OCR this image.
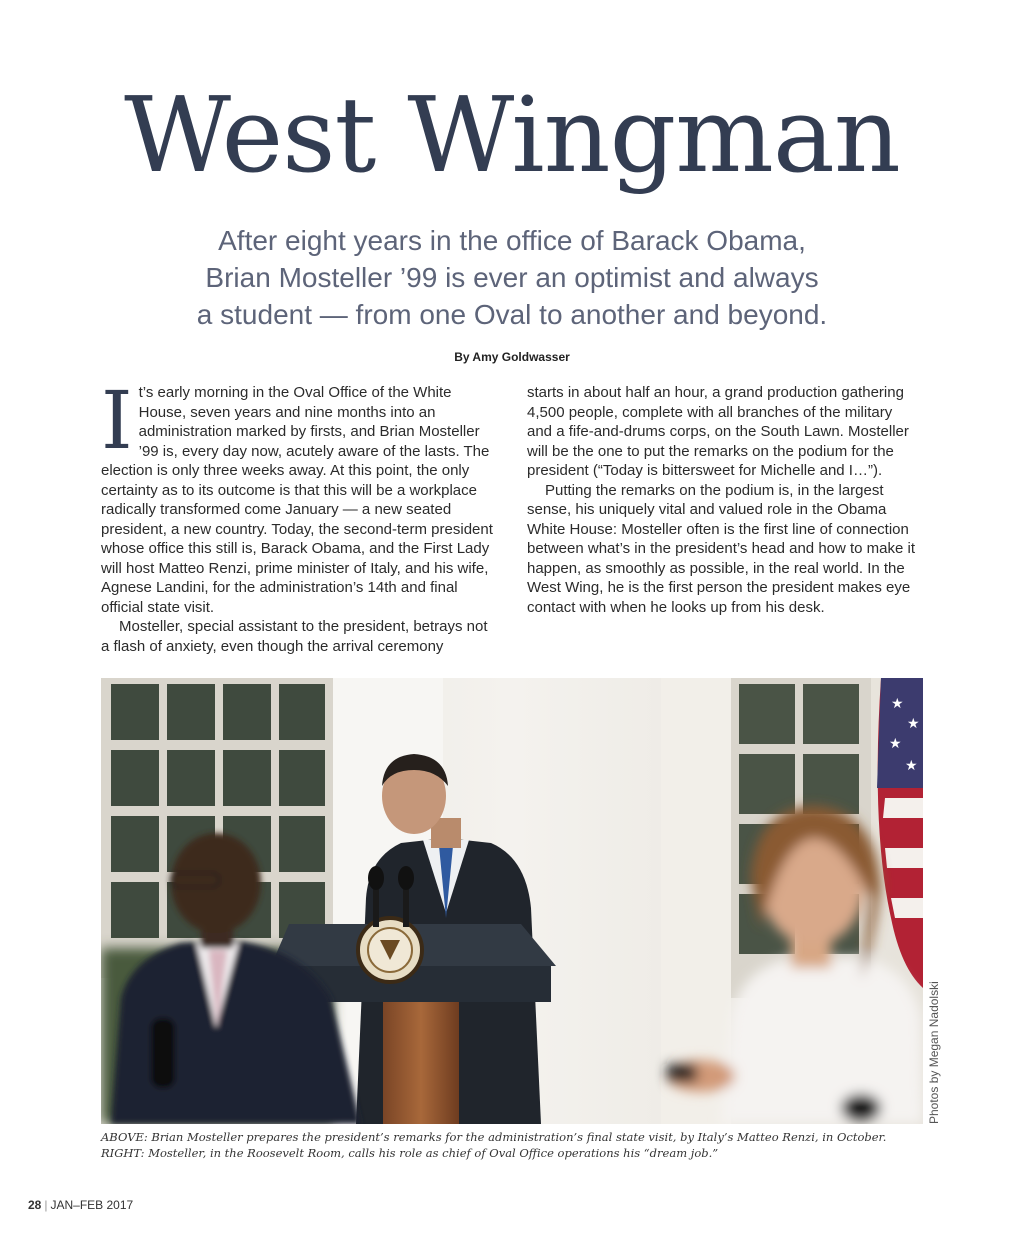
West Wingman
After eight years in the office of Barack Obama,
Brian Mosteller ’99 is ever an optimist and always
a student — from one Oval to another and beyond.
By Amy Goldwasser

It’s early morning in the Oval Office of the White House, seven years and nine months into an administration marked by firsts, and Brian Mosteller ’99 is, every day now, acutely aware of the lasts. The election is only three weeks away. At this point, the only certainty as to its outcome is that this will be a workplace radically transformed come January — a new seated president, a new country. Today, the second-term president whose office this still is, Barack Obama, and the First Lady will host Matteo Renzi, prime minister of Italy, and his wife, Agnese Landini, for the administration’s 14th and final official state visit.

Mosteller, special assistant to the president, betrays not a flash of anxiety, even though the arrival ceremony

starts in about half an hour, a grand production gathering 4,500 people, complete with all branches of the military and a fife-and-drums corps, on the South Lawn. Mosteller will be the one to put the remarks on the podium for the president (“Today is bittersweet for Michelle and I…”).

Putting the remarks on the podium is, in the largest sense, his uniquely vital and valued role in the Obama White House: Mosteller often is the first line of connection between what’s in the president’s head and how to make it happen, as smoothly as possible, in the real world. In the West Wing, he is the first person the president makes eye contact with when he looks up from his desk.

★
★
★
★
Photos by Megan Nadolski
ABOVE: Brian Mosteller prepares the president’s remarks for the administration’s final state visit, by Italy’s Matteo Renzi, in October.
RIGHT: Mosteller, in the Roosevelt Room, calls his role as chief of Oval Office operations his “dream job.”
28 | JAN–FEB 2017
